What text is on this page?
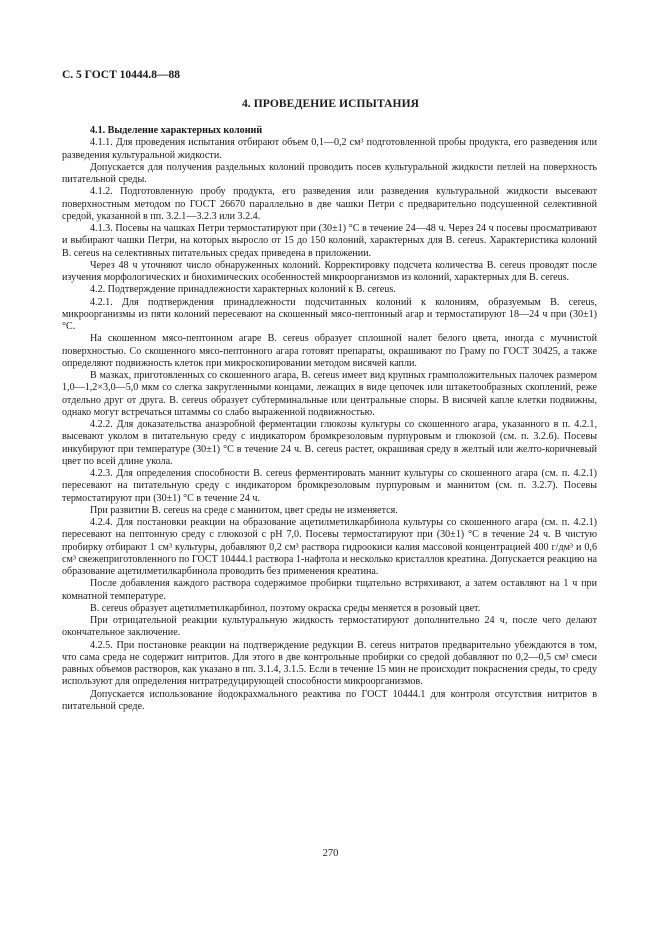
С. 5 ГОСТ 10444.8—88
4. ПРОВЕДЕНИЕ ИСПЫТАНИЯ

4.1. Выделение характерных колоний

4.1.1. Для проведения испытания отбирают объем 0,1—0,2 см³ подготовленной пробы продукта, его разведения или разведения культуральной жидкости.

Допускается для получения раздельных колоний проводить посев культуральной жидкости петлей на поверхность питательной среды.

4.1.2. Подготовленную пробу продукта, его разведения или разведения культуральной жидкости высевают поверхностным методом по ГОСТ 26670 параллельно в две чашки Петри с предварительно подсушенной селективной средой, указанной в пп. 3.2.1—3.2.3 или 3.2.4.

4.1.3. Посевы на чашках Петри термостатируют при (30±1) °С в течение 24—48 ч. Через 24 ч посевы просматривают и выбирают чашки Петри, на которых выросло от 15 до 150 колоний, характерных для B. cereus. Характеристика колоний B. cereus на селективных питательных средах приведена в приложении.

Через 48 ч уточняют число обнаруженных колоний. Корректировку подсчета количества B. cereus проводят после изучения морфологических и биохимических особенностей микроорганизмов из колоний, характерных для B. cereus.

4.2. Подтверждение принадлежности характерных колоний к B. cereus.

4.2.1. Для подтверждения принадлежности подсчитанных колоний к колониям, образуемым B. cereus, микроорганизмы из пяти колоний пересевают на скошенный мясо-пептонный агар и термостатируют 18—24 ч при (30±1) °С.

На скошенном мясо-пептонном агаре B. cereus образует сплошной налет белого цвета, иногда с мучнистой поверхностью. Со скошенного мясо-пептонного агара готовят препараты, окрашивают по Граму по ГОСТ 30425, а также определяют подвижность клеток при микроскопировании методом висячей капли.

В мазках, приготовленных со скошенного агара, B. cereus имеет вид крупных грамположительных палочек размером 1,0—1,2×3,0—5,0 мкм со слегка закругленными концами, лежащих в виде цепочек или штакетообразных скоплений, реже отдельно друг от друга. B. cereus образует субтерминальные или центральные споры. В висячей капле клетки подвижны, однако могут встречаться штаммы со слабо выраженной подвижностью.

4.2.2. Для доказательства анаэробной ферментации глюкозы культуры со скошенного агара, указанного в п. 4.2.1, высевают уколом в питательную среду с индикатором бромкрезоловым пурпуровым и глюкозой (см. п. 3.2.6). Посевы инкубируют при температуре (30±1) °С в течение 24 ч. B. cereus растет, окрашивая среду в желтый или желто-коричневый цвет по всей длине укола.

4.2.3. Для определения способности B. cereus ферментировать маннит культуры со скошенного агара (см. п. 4.2.1) пересевают на питательную среду с индикатором бромкрезоловым пурпуровым и маннитом (см. п. 3.2.7). Посевы термостатируют при (30±1) °С в течение 24 ч.

При развитии B. cereus на среде с маннитом, цвет среды не изменяется.

4.2.4. Для постановки реакции на образование ацетилметилкарбинола культуры со скошенного агара (см. п. 4.2.1) пересевают на пептонную среду с глюкозой с pH 7,0. Посевы термостатируют при (30±1) °С в течение 24 ч. В чистую пробирку отбирают 1 см³ культуры, добавляют 0,2 см³ раствора гидроокиси калия массовой концентрацией 400 г/дм³ и 0,6 см³ свежеприготовленного по ГОСТ 10444.1 раствора 1-нафтола и несколько кристаллов креатина. Допускается реакцию на образование ацетилметилкарбинола проводить без применения креатина.

После добавления каждого раствора содержимое пробирки тщательно встряхивают, а затем оставляют на 1 ч при комнатной температуре.

B. cereus образует ацетилметилкарбинол, поэтому окраска среды меняется в розовый цвет.

При отрицательной реакции культуральную жидкость термостатируют дополнительно 24 ч, после чего делают окончательное заключение.

4.2.5. При постановке реакции на подтверждение редукции B. cereus нитратов предварительно убеждаются в том, что сама среда не содержит нитритов. Для этого в две контрольные пробирки со средой добавляют по 0,2—0,5 см³ смеси равных объемов растворов, как указано в пп. 3.1.4, 3.1.5. Если в течение 15 мин не происходит покраснения среды, то среду используют для определения нитратредуцирующей способности микроорганизмов.

Допускается использование йодокрахмального реактива по ГОСТ 10444.1 для контроля отсутствия нитритов в питательной среде.

270
